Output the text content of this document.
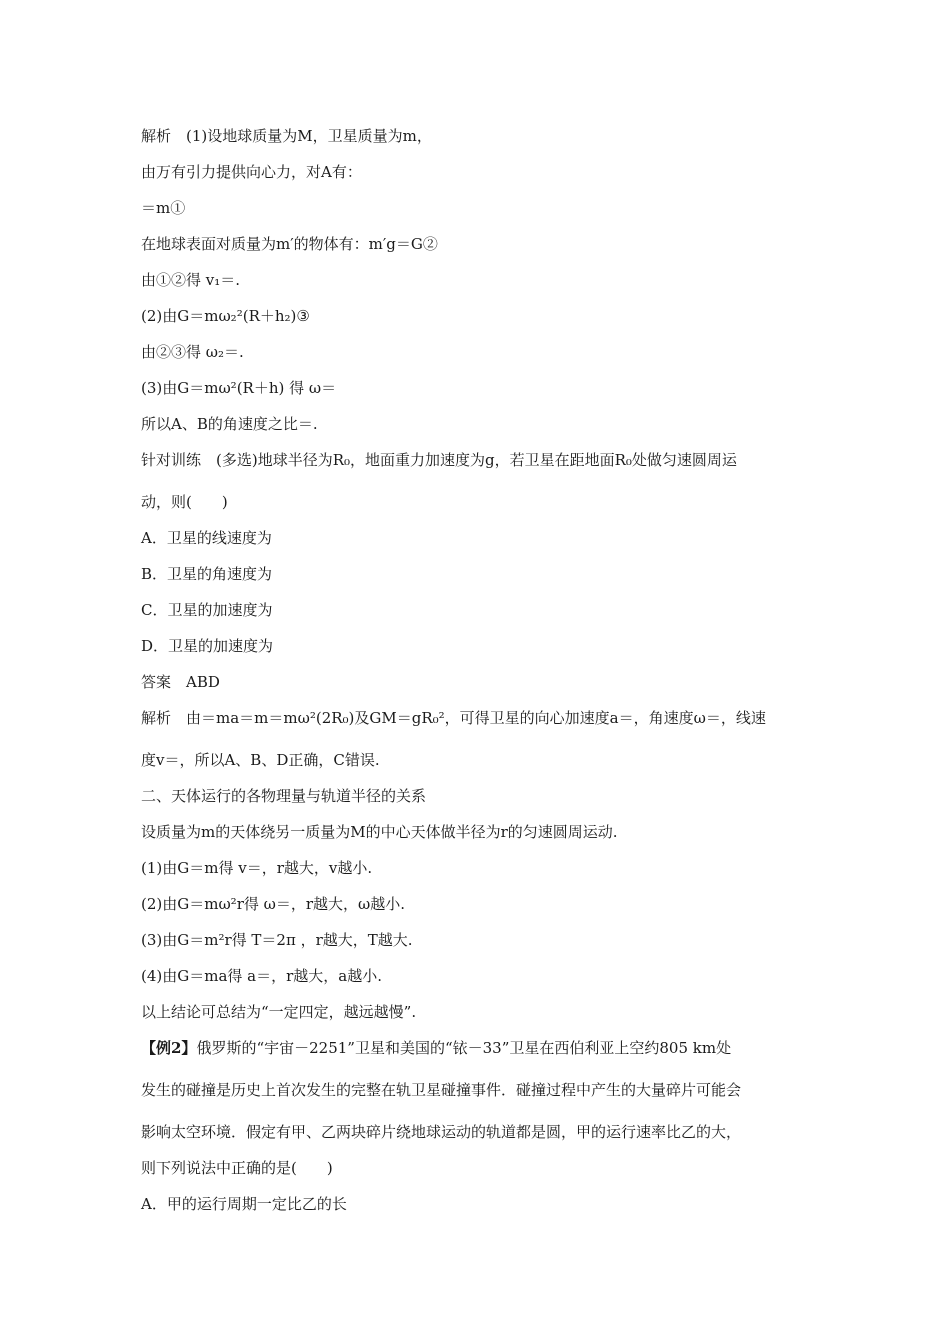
解析　(1)设地球质量为M，卫星质量为m，
由万有引力提供向心力，对A有：
＝m①
在地球表面对质量为m′的物体有：m′g＝G②
由①②得 v₁＝.
(2)由G＝mω₂²(R＋h₂)③
由②③得 ω₂＝.
(3)由G＝mω²(R＋h) 得 ω＝
所以A、B的角速度之比＝.
针对训练　(多选)地球半径为R₀，地面重力加速度为g，若卫星在距地面R₀处做匀速圆周运
动，则(　　)
A．卫星的线速度为
B．卫星的角速度为
C．卫星的加速度为
D．卫星的加速度为
答案　ABD
解析　由＝ma＝m＝mω²(2R₀)及GM＝gR₀²，可得卫星的向心加速度a＝，角速度ω＝，线速
度v＝，所以A、B、D正确，C错误.
二、天体运行的各物理量与轨道半径的关系
设质量为m的天体绕另一质量为M的中心天体做半径为r的匀速圆周运动.
(1)由G＝m得 v＝，r越大，v越小.
(2)由G＝mω²r得 ω＝，r越大，ω越小.
(3)由G＝m²r得 T＝2π ，r越大，T越大.
(4)由G＝ma得 a＝，r越大，a越小.
以上结论可总结为“一定四定，越远越慢”.
【例2】俄罗斯的“宇宙－2251”卫星和美国的“铱－33”卫星在西伯利亚上空约805 km处
发生的碰撞是历史上首次发生的完整在轨卫星碰撞事件．碰撞过程中产生的大量碎片可能会
影响太空环境．假定有甲、乙两块碎片绕地球运动的轨道都是圆，甲的运行速率比乙的大，
则下列说法中正确的是(　　)
A．甲的运行周期一定比乙的长
